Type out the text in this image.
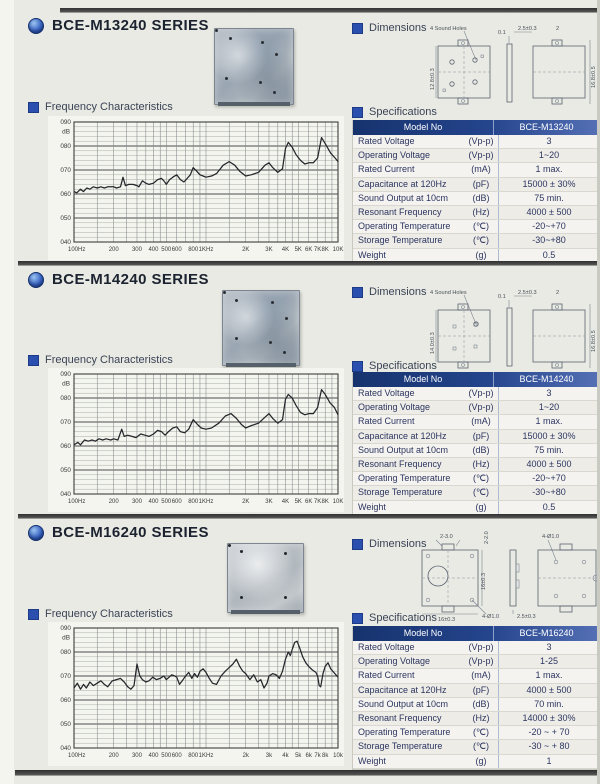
BCE-M13240 SERIES
Frequency Characteristics
090
080
070
060
050
040
dB
100Hz	200 300 400 500 600 800 1KHz	2K	3K 4K 5K 6K 7K 8K 10K
Dimensions 4 Sound Holes
12.8±0.3
0.1
2.5±0.3	2
16.8±0.5
Specifications
Model No	BCE-M13240
Rated Voltage	(Vp-p)	3
Operating Voltage	(Vp-p)	1~20
Rated Current	(mA)	1 max.
Capacitance at 120Hz	(pF)	15000 ± 30%
Sound Output at 10cm	(dB)	75 min.
Resonant Frequency	(Hz)	4000 ± 500
Operating Temperature	(℃)	-20~+70
Storage Temperature	(℃)	-30~+80
Weight	(g)	0.5
BCE-M14240 SERIES
Frequency Characteristics
090
080
070
060
050
040
dB
100Hz	200 300 400 500 600 800 1KHz	2K	3K 4K 5K 6K 7K 8K 10K
Dimensions 4 Sound Holes
14.0±0.3
0.1
2.5±0.3	2
16.8±0.5
Specifications
Model No	BCE-M14240
Rated Voltage	(Vp-p)	3
Operating Voltage	(Vp-p)	1~20
Rated Current	(mA)	1 max.
Capacitance at 120Hz	(pF)	15000 ± 30%
Sound Output at 10cm	(dB)	75 min.
Resonant Frequency	(Hz)	4000 ± 500
Operating Temperature	(℃)	-20~+70
Storage Temperature	(℃)	-30~+80
Weight	(g)	0.5
BCE-M16240 SERIES
Frequency Characteristics
090
080
070
060
050
040
dB
100Hz	200 300 400 500 600 800 1KHz	2k	3k 4k 5k 6k 7k 8k 10k
Dimensions
2-3.0	2-2.0
16±0.3
16±0.3	4-Ø1.0	2.5±0.3
4-Ø1.0
Specifications
Model No	BCE-M16240
Rated Voltage	(Vp-p)	3
Operating Voltage	(Vp-p)	1-25
Rated Current	(mA)	1 max.
Capacitance at 120Hz	(pF)	4000 ± 500
Sound Output at 10cm	(dB)	70 min.
Resonant Frequency	(Hz)	14000 ± 30%
Operating Temperature	(℃)	-20 ~ + 70
Storage Temperature	(℃)	-30 ~ + 80
Weight	(g)	1
